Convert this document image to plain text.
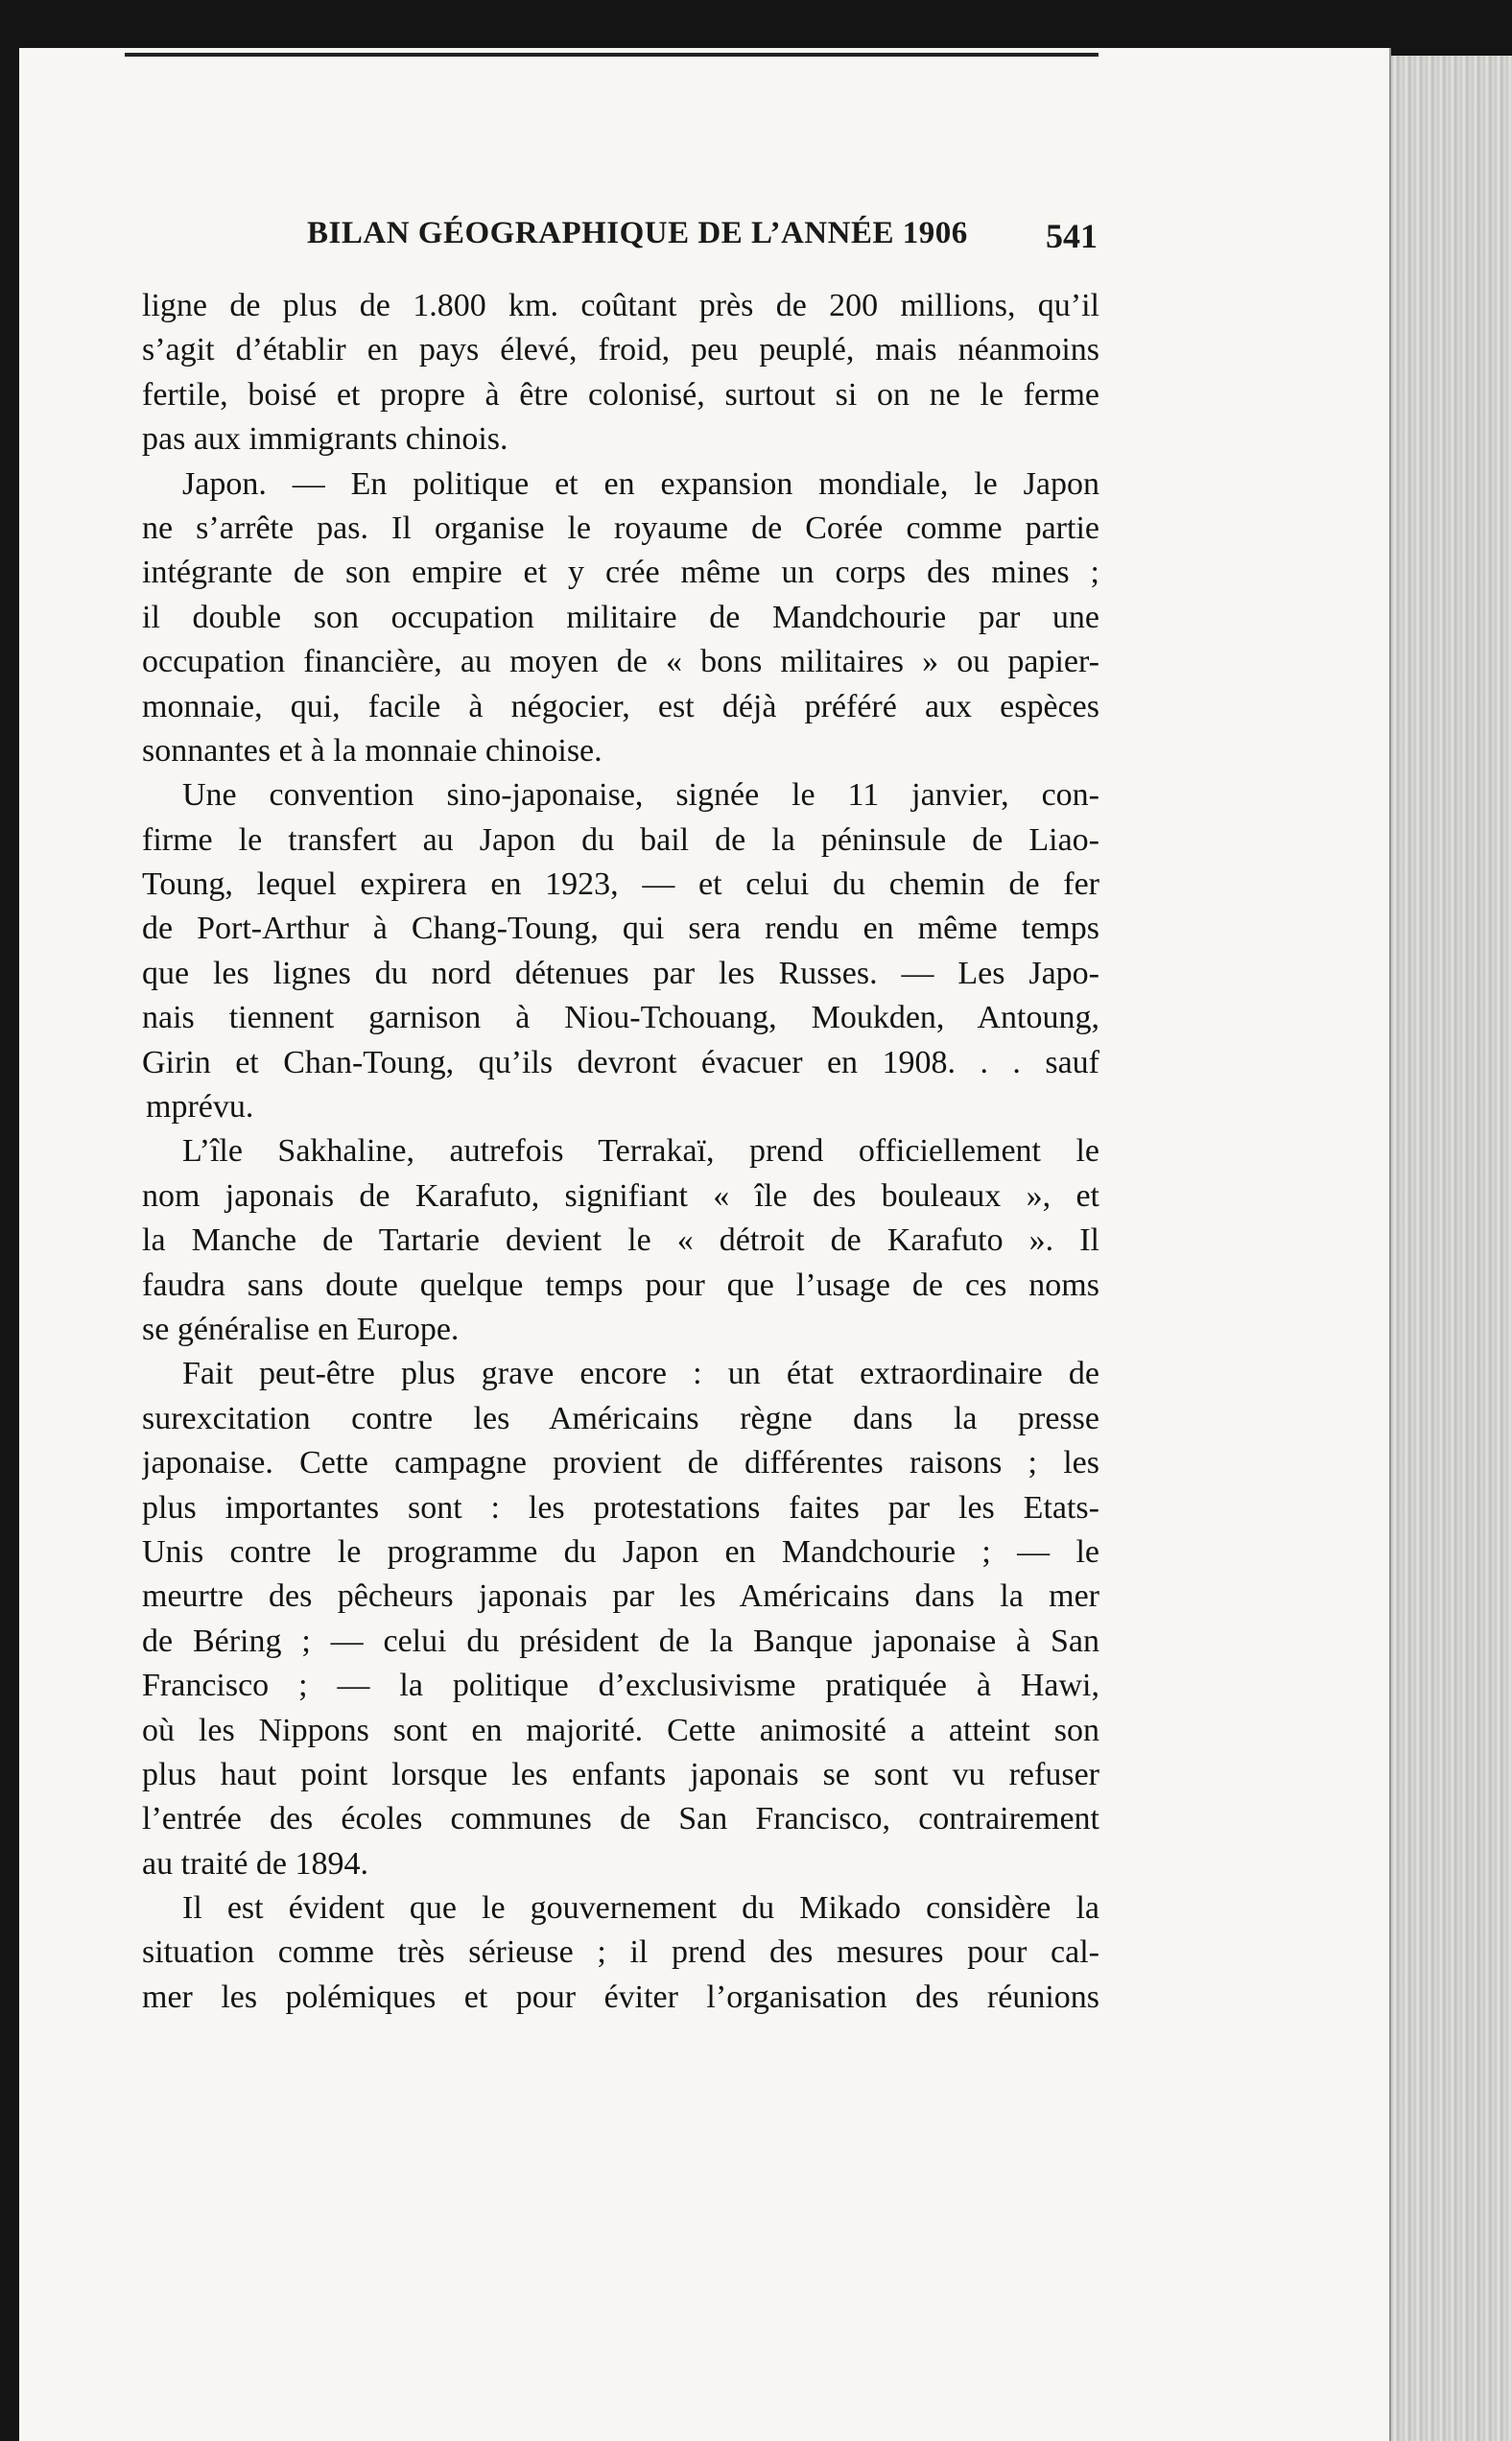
BILAN GÉOGRAPHIQUE DE L’ANNÉE 1906	541
ligne de plus de 1.800 km. coûtant près de 200 millions, qu’il
s’agit d’établir en pays élevé, froid, peu peuplé, mais néanmoins
fertile, boisé et propre à être colonisé, surtout si on ne le ferme
pas aux immigrants chinois.
Japon. — En politique et en expansion mondiale, le Japon
ne s’arrête pas. Il organise le royaume de Corée comme partie
intégrante de son empire et y crée même un corps des mines ;
il double son occupation militaire de Mandchourie par une
occupation financière, au moyen de « bons militaires » ou papier-
monnaie, qui, facile à négocier, est déjà préféré aux espèces
sonnantes et à la monnaie chinoise.
Une convention sino-japonaise, signée le 11 janvier, con-
firme le transfert au Japon du bail de la péninsule de Liao-
Toung, lequel expirera en 1923, — et celui du chemin de fer
de Port-Arthur à Chang-Toung, qui sera rendu en même temps
que les lignes du nord détenues par les Russes. — Les Japo-
nais tiennent garnison à Niou-Tchouang, Moukden, Antoung,
Girin et Chan-Toung, qu’ils devront évacuer en 1908. . . sauf
mprévu.
L’île Sakhaline, autrefois Terrakaï, prend officiellement le
nom japonais de Karafuto, signifiant « île des bouleaux », et
la Manche de Tartarie devient le « détroit de Karafuto ». Il
faudra sans doute quelque temps pour que l’usage de ces noms
se généralise en Europe.
Fait peut-être plus grave encore : un état extraordinaire de
surexcitation contre les Américains règne dans la presse
japonaise. Cette campagne provient de différentes raisons ; les
plus importantes sont : les protestations faites par les Etats-
Unis contre le programme du Japon en Mandchourie ; — le
meurtre des pêcheurs japonais par les Américains dans la mer
de Béring ; — celui du président de la Banque japonaise à San
Francisco ; — la politique d’exclusivisme pratiquée à Hawi,
où les Nippons sont en majorité. Cette animosité a atteint son
plus haut point lorsque les enfants japonais se sont vu refuser
l’entrée des écoles communes de San Francisco, contrairement
au traité de 1894.
Il est évident que le gouvernement du Mikado considère la
situation comme très sérieuse ; il prend des mesures pour cal-
mer les polémiques et pour éviter l’organisation des réunions
